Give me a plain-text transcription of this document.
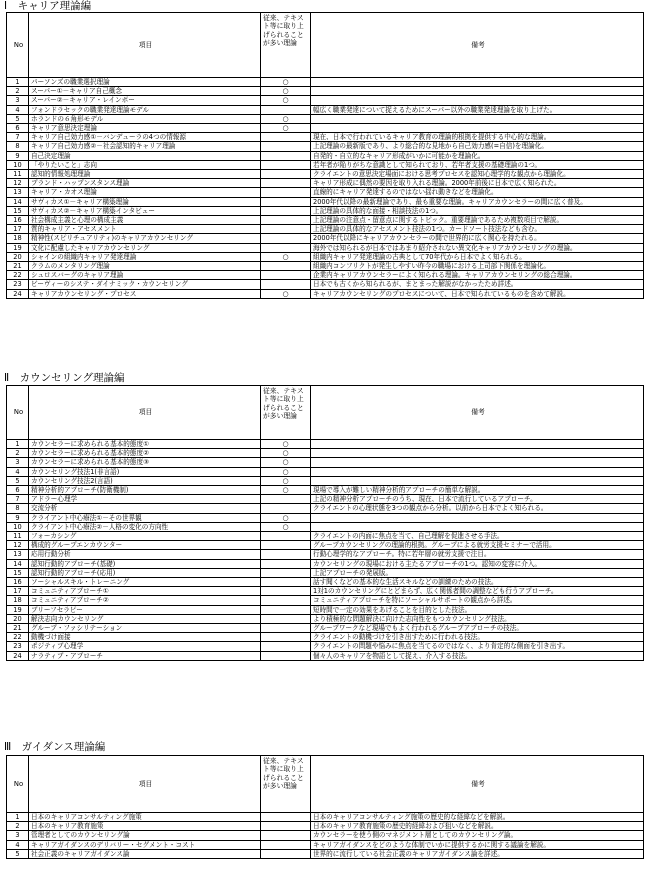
Ⅰ　キャリア理論編
No	項目	従来、テキスト等に取り上げられることが多い理論	備考
1	パーソンズの職業選択理論	○	
2	スーパー①－キャリア自己概念	○	
3	スーパー②－キャリア・レインボー	○	
4	フォンドラセックの職業発達理論モデル		幅広く職業発達について捉えるためにスーパー以外の職業発達理論を取り上げた。
5	ホランドの６角形モデル	○	
6	キャリア意思決定理論	○	
7	キャリア自己効力感①－バンデューラの4つの情報源		現在、日本で行われているキャリア教育の理論的根拠を提供する中心的な理論。
8	キャリア自己効力感②－社会認知的キャリア理論		上記理論の最新版であり、より総合的な見地から自己効力感(=自信)を理論化。
9	自己決定理論		自発的・自立的なキャリア形成がいかに可能かを理論化。
10	「やりたいこと」志向		若年者が陥りがちな意識として知られており、若年者支援の基礎理論の1つ。
11	認知的情報処理理論		クライエントの意思決定場面における思考プロセスを認知心理学的な観点から理論化。
12	プランド・ハップンスタンス理論		キャリア形成に偶然の要因を取り入れる理論。2000年前後に日本で広く知られた。
13	キャリア・カオス理論		直線的にキャリア発達するのではない揺れ動きなどを理論化。
14	サヴィカス①－キャリア構築理論		2000年代以降の最新理論であり、最も重要な理論。キャリアカウンセラーの間に広く普及。
15	サヴィカス②－キャリア構築インタビュー		上記理論の具体的な面接・相談技法の1つ。
16	社会構成主義と心理の構成主義		上記理論の注意点・留意点に関するトピック。重要理論であるため複数項目で解説。
17	質的キャリア・アセスメント		上記理論の具体的なアセスメント技法の1つ。カードソート技法なども含む。
18	精神性(スピリチュアリティ)のキャリアカウンセリング		2000年代以降にキャリアカウンセラーの間で世界的に広く関心を持たれる。
19	文化に配慮したキャリアカウンセリング		海外では知られるが日本ではあまり紹介されない異文化キャリアカウンセリングの理論。
20	シャインの組織内キャリア発達理論	○	組織内キャリア発達理論の古典として70年代から日本でよく知られる。
21	クラムのメンタリング理論		組織内コンフリクトが発生しやすい昨今の職場における上司部下関係を理論化。
22	シュロスバーグのキャリア理論		企業内キャリアカウンセラーによく知られる理論。キャリアカウンセリングの総合理論。
23	ビーヴィーのシステ・ダイナミック・カウンセリング		日本でも古くから知られるが、まとまった解説がなかったため詳述。
24	キャリアカウンセリング・プロセス	○	キャリアカウンセリングのプロセスについて、日本で知られているものを含めて解説。
Ⅱ　カウンセリング理論編
No	項目	従来、テキスト等に取り上げられることが多い理論	備考
1	カウンセラーに求められる基本的態度①	○	
2	カウンセラーに求められる基本的態度②	○	
3	カウンセラーに求められる基本的態度③	○	
4	カウンセリング技法1(非言語)	○	
5	カウンセリング技法2(言語)	○	
6	精神分析的アプローチ(防衛機制)	○	現場で導入が難しい精神分析的アプローチの簡単な解説。
7	アドラー心理学		上記の精神分析アプローチのうち、現在、日本で流行しているアプローチ。
8	交流分析		クライエントの心理状態を3つの観点から分析。以前から日本でよく知られる。
9	クライアント中心療法①－その世界観	○	
10	クライアント中心療法②－人格の変化の方向性	○	
11	フォーカシング		クライエントの内面に焦点を当て、自己理解を促進させる手法。
12	構成的グループエンカウンター		グループカウンセリングの理論的根拠。グループによる就労支援セミナーで活用。
13	応用行動分析		行動心理学的なアプローチ。特に若年層の就労支援で注目。
14	認知行動的アプローチ(基礎)		カウンセリングの現場における主たるアプローチの1つ。認知の変容に介入。
15	認知行動的アプローチ(応用)		上記アプローチの発展版。
16	ソーシャルスキル・トレーニング		話す聞くなどの基本的な生活スキルなどの訓練のための技法。
17	コミュニティアプローチ①		1対1のカウンセリングにとどまらず、広く関係者間の調整なども行うアプローチ。
18	コミュニティアプローチ②		コミュニティアプローチを特にソーシャルサポートの観点から詳述。
19	ブリーフセラピー		短時間で一定の効果をあげることを目的とした技法。
20	解決志向カウンセリング		より積極的な問題解決に向けた志向性をもつカウンセリング技法。
21	グループ・ファシリテーション		グループワークなど現場でもよく行われるグループアプローチの技法。
22	動機づけ面接		クライエントの動機づけを引き出すために行われる技法。
23	ポジティブ心理学		クライエントの問題や悩みに焦点を当てるのではなく、より肯定的な側面を引き出す。
24	ナラティブ・アプローチ		個々人のキャリアを物語として捉え、介入する技法。
Ⅲ　ガイダンス理論編
No	項目	従来、テキスト等に取り上げられることが多い理論	備考
1	日本のキャリアコンサルティング施策		日本のキャリアコンサルティング施策の歴史的な経緯などを解説。
2	日本のキャリア教育施策		日本のキャリア教育施策の歴史的経緯および狙いなどを解説。
3	管理者としてのカウンセリング論		カウンセラーを使う側のマネジメント層としてのカウンセリング論。
4	キャリアガイダンスのデリバリー・セグメント・コスト		キャリアガイダンスをどのような体制でいかに提供するかに関する議論を解説。
5	社会正義のキャリアガイダンス論		世界的に流行している社会正義のキャリアガイダンス論を詳述。
